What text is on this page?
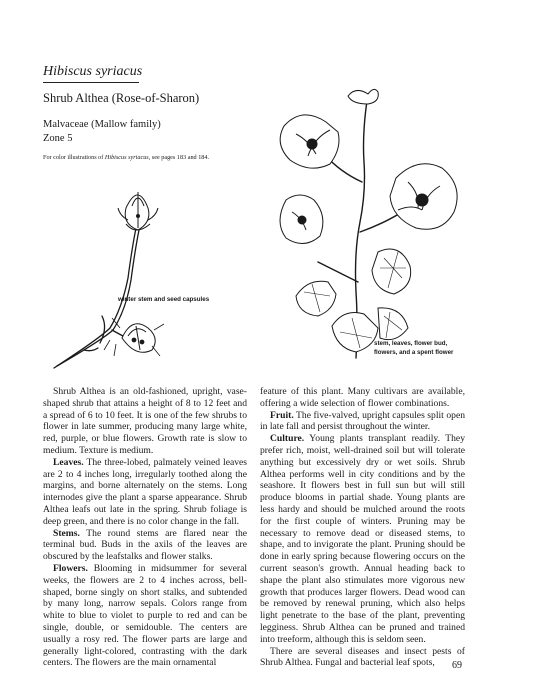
Hibiscus syriacus
Shrub Althea (Rose-of-Sharon)
Malvaceae (Mallow family)
Zone 5
For color illustrations of Hibiscus syriacus, see pages 183 and 184.
winter stem and seed capsules
stem, leaves, flower bud, flowers, and a spent flower

Shrub Althea is an old-fashioned, upright, vase-shaped shrub that attains a height of 8 to 12 feet and a spread of 6 to 10 feet. It is one of the few shrubs to flower in late summer, producing many large white, red, purple, or blue flowers. Growth rate is slow to medium. Texture is medium.

Leaves. The three-lobed, palmately veined leaves are 2 to 4 inches long, irregularly toothed along the margins, and borne alternately on the stems. Long internodes give the plant a sparse appearance. Shrub Althea leafs out late in the spring. Shrub foliage is deep green, and there is no color change in the fall.

Stems. The round stems are flared near the terminal bud. Buds in the axils of the leaves are obscured by the leafstalks and flower stalks.

Flowers. Blooming in midsummer for several weeks, the flowers are 2 to 4 inches across, bell-shaped, borne singly on short stalks, and subtended by many long, narrow sepals. Colors range from white to blue to violet to purple to red and can be single, double, or semidouble. The centers are usually a rosy red. The flower parts are large and generally light-colored, contrasting with the dark centers. The flowers are the main ornamental

feature of this plant. Many cultivars are available, offering a wide selection of flower combinations.

Fruit. The five-valved, upright capsules split open in late fall and persist throughout the winter.

Culture. Young plants transplant readily. They prefer rich, moist, well-drained soil but will tolerate anything but excessively dry or wet soils. Shrub Althea performs well in city conditions and by the seashore. It flowers best in full sun but will still produce blooms in partial shade. Young plants are less hardy and should be mulched around the roots for the first couple of winters. Pruning may be necessary to remove dead or diseased stems, to shape, and to invigorate the plant. Pruning should be done in early spring because flowering occurs on the current season's growth. Annual heading back to shape the plant also stimulates more vigorous new growth that produces larger flowers. Dead wood can be removed by renewal pruning, which also helps light penetrate to the base of the plant, preventing legginess. Shrub Althea can be pruned and trained into treeform, although this is seldom seen.

There are several diseases and insect pests of Shrub Althea. Fungal and bacterial leaf spots,	69
